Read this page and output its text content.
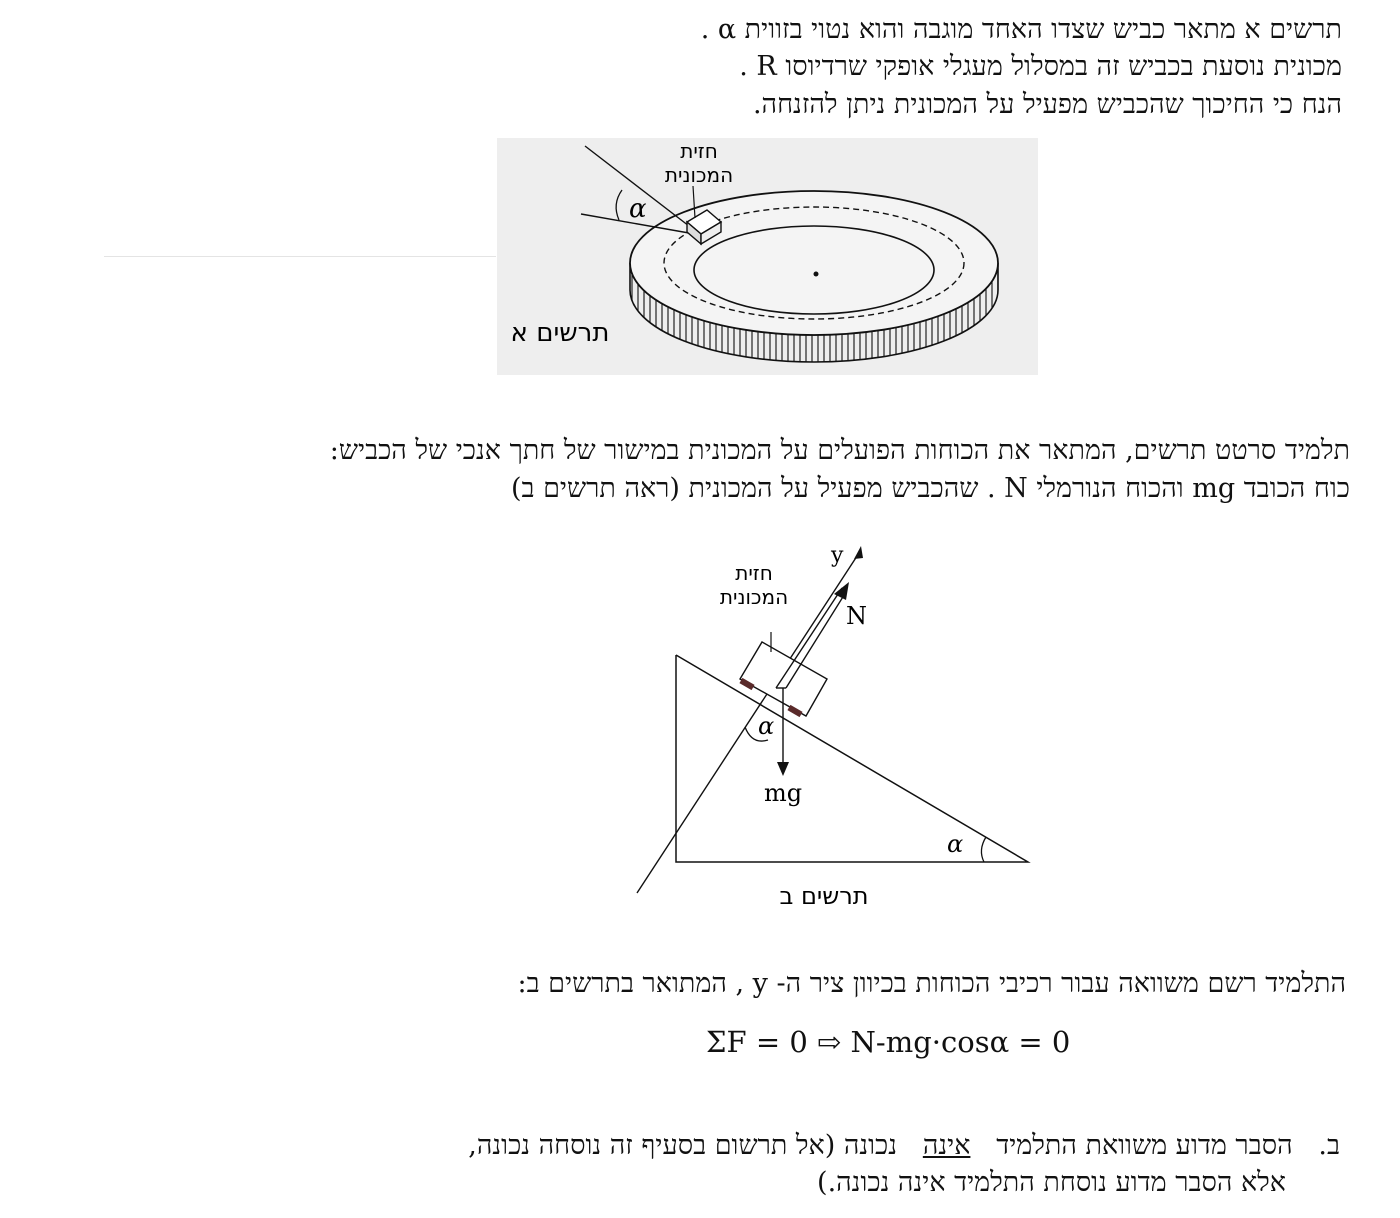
תרשים א מתאר כביש שצדו האחד מוגבה והוא נטוי בזווית α .
מכונית נוסעת בכביש זה במסלול מעגלי אופקי שרדיוסו R .
הנח כי החיכוך שהכביש מפעיל על המכונית ניתן להזנחה.
α
חזית
המכונית
תרשים א
תלמיד סרטט תרשים, המתאר את הכוחות הפועלים על המכונית במישור של חתך אנכי של הכביש:
כוח הכובד mg והכוח הנורמלי N . שהכביש מפעיל על המכונית (ראה תרשים ב)
α
y
חזית
המכונית
N
mg
α
תרשים ב
התלמיד רשם משוואה עבור רכיבי הכוחות בכיוון ציר ה- y , המתואר בתרשים ב:
ΣF = 0 ⇨ N-mg·cosα = 0
ב.   הסבר מדוע משוואת התלמיד   אינה   נכונה (אל תרשום בסעיף זה נוסחה נכונה,
אלא הסבר מדוע נוסחת התלמיד אינה נכונה.)
